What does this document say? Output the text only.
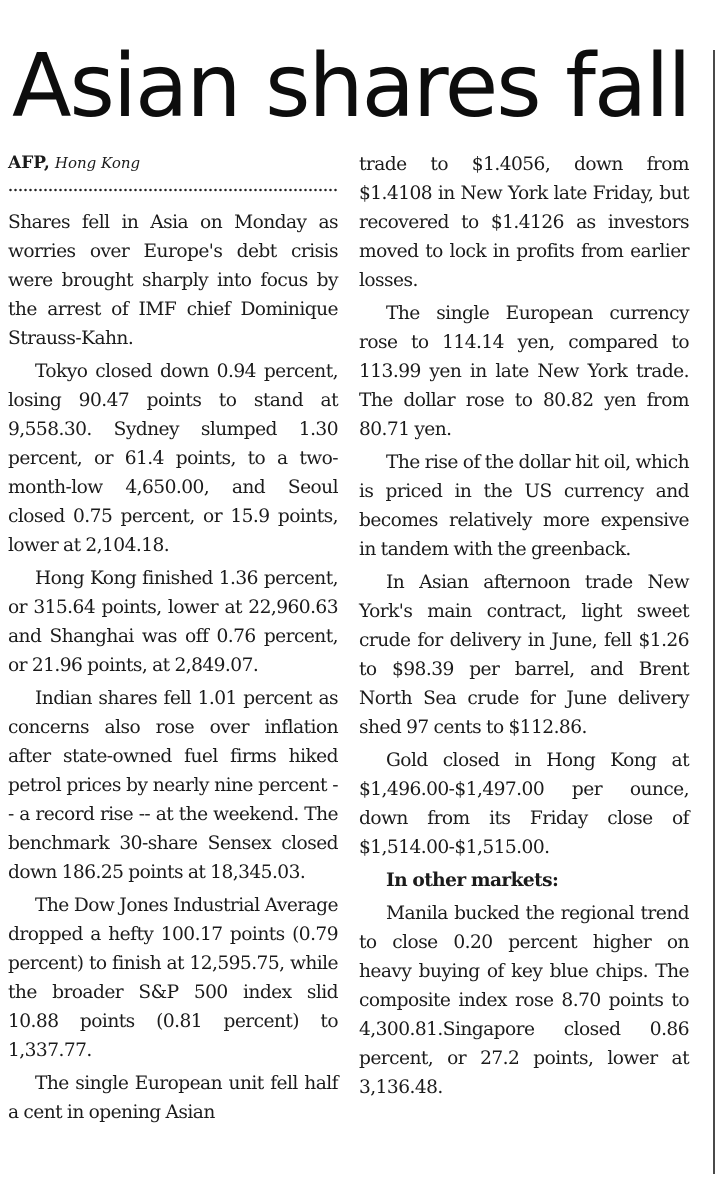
Asian shares fall
AFP, Hong Kong

Shares fell in Asia on Monday as worries over Europe's debt crisis were brought sharply into focus by the arrest of IMF chief Dominique Strauss-Kahn.

Tokyo closed down 0.94 percent, losing 90.47 points to stand at 9,558.30. Sydney slumped 1.30 percent, or 61.4 points, to a two-month-low 4,650.00, and Seoul closed 0.75 percent, or 15.9 points, lower at 2,104.18.

Hong Kong finished 1.36 percent, or 315.64 points, lower at 22,960.63 and Shanghai was off 0.76 percent, or 21.96 points, at 2,849.07.

Indian shares fell 1.01 percent as concerns also rose over inflation after state-owned fuel firms hiked petrol prices by nearly nine percent -- a record rise -- at the weekend. The benchmark 30-share Sensex closed down 186.25 points at 18,345.03.

The Dow Jones Industrial Average dropped a hefty 100.17 points (0.79 percent) to finish at 12,595.75, while the broader S&P 500 index slid 10.88 points (0.81 percent) to 1,337.77.

The single European unit fell half a cent in opening Asian

trade to $1.4056, down from $1.4108 in New York late Friday, but recovered to $1.4126 as investors moved to lock in profits from earlier losses.

The single European currency rose to 114.14 yen, compared to 113.99 yen in late New York trade. The dollar rose to 80.82 yen from 80.71 yen.

The rise of the dollar hit oil, which is priced in the US currency and becomes relatively more expensive in tandem with the greenback.

In Asian afternoon trade New York's main contract, light sweet crude for delivery in June, fell $1.26 to $98.39 per barrel, and Brent North Sea crude for June delivery shed 97 cents to $112.86.

Gold closed in Hong Kong at $1,496.00-$1,497.00 per ounce, down from its Friday close of $1,514.00-$1,515.00.

In other markets:

Manila bucked the regional trend to close 0.20 percent higher on heavy buying of key blue chips. The composite index rose 8.70 points to 4,300.81.Singapore closed 0.86 percent, or 27.2 points, lower at 3,136.48.
